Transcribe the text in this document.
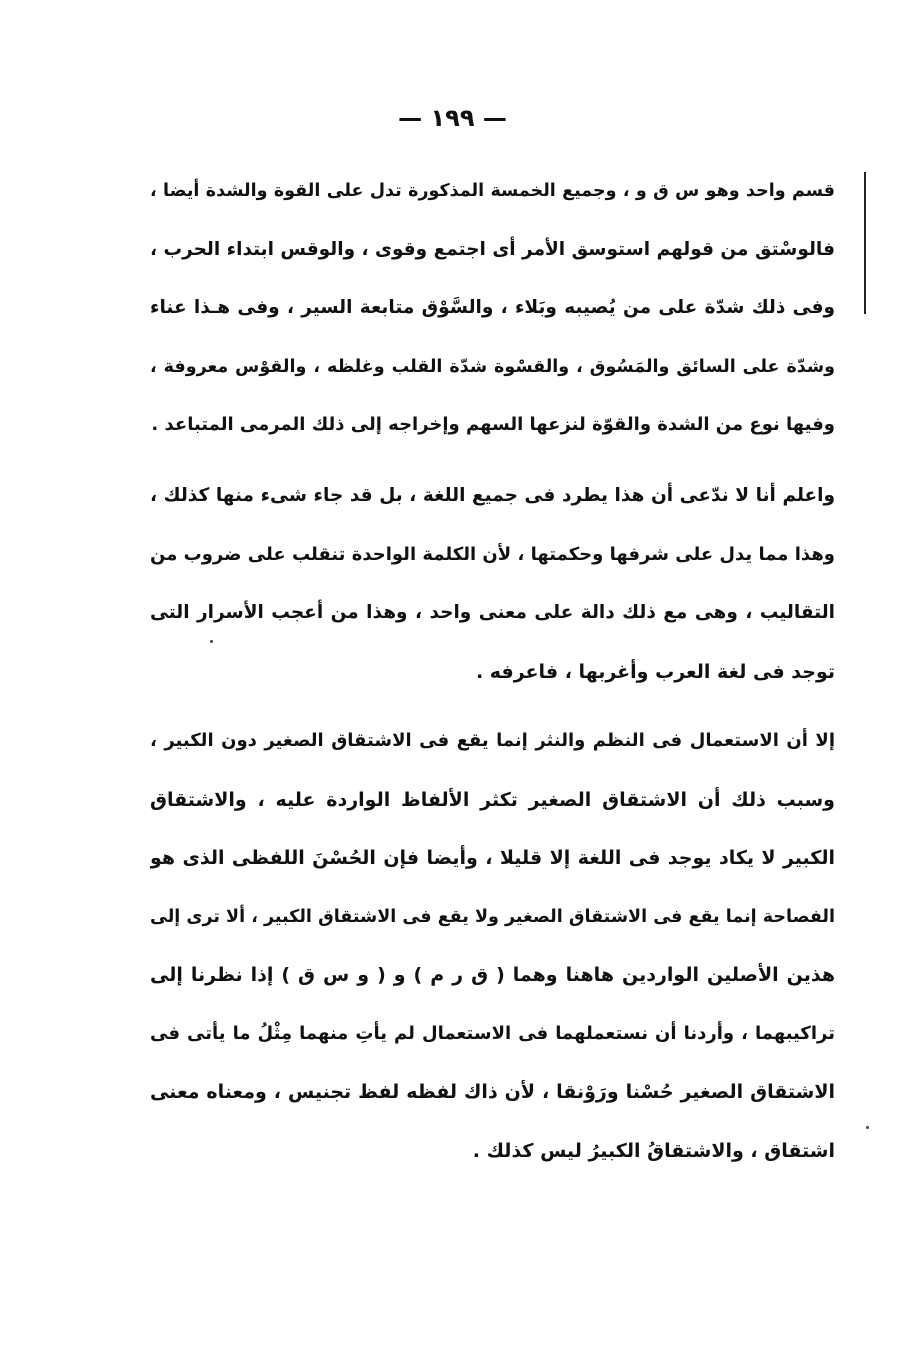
— ١٩٩ —
قسم واحد وهو س ق و ، وجميع الخمسة المذكورة تدل على القوة والشدة أيضا ،
فالوسْتق من قولهم استوسق الأمر أى اجتمع وقوى ، والوقس ابتداء الحرب ،
وفى ذلك شدّة على من يُصيبه وبَلاء ، والسَّوْق متابعة السير ، وفى هـذا عناء
وشدّة على السائق والمَسُوق ، والقسْوة شدّة القلب وغلظه ، والقوْس معروفة ،
وفيها نوع من الشدة والقوّة لنزعها السهم وإخراجه إلى ذلك المرمى المتباعد .
واعلم أنا لا ندّعى أن هذا يطرد فى جميع اللغة ، بل قد جاء شىء منها كذلك ،
وهذا مما يدل على شرفها وحكمتها ، لأن الكلمة الواحدة تنقلب على ضروب من
التقاليب ، وهى مع ذلك دالة على معنى واحد ، وهذا من أعجب الأسرار التى
توجد فى لغة العرب وأغربها ، فاعرفه .
إلا أن الاستعمال فى النظم والنثر إنما يقع فى الاشتقاق الصغير دون الكبير ،
وسبب ذلك أن الاشتقاق الصغير تكثر الألفاظ الواردة عليه ، والاشتقاق
الكبير لا يكاد يوجد فى اللغة إلا قليلا ، وأيضا فإن الحُسْنَ اللفظى الذى هو
الفصاحة إنما يقع فى الاشتقاق الصغير ولا يقع فى الاشتقاق الكبير ، ألا ترى إلى
هذين الأصلين الواردين هاهنا وهما ( ق ر م ) و ( و س ق ) إذا نظرنا إلى
تراكيبهما ، وأردنا أن نستعملهما فى الاستعمال لم يأتِ منهما مِثْلُ ما يأتى فى
الاشتقاق الصغير حُسْنا ورَوْنقا ، لأن ذاك لفظه لفظ تجنيس ، ومعناه معنى
اشتقاق ، والاشتقاقُ الكبيرُ ليس كذلك .
